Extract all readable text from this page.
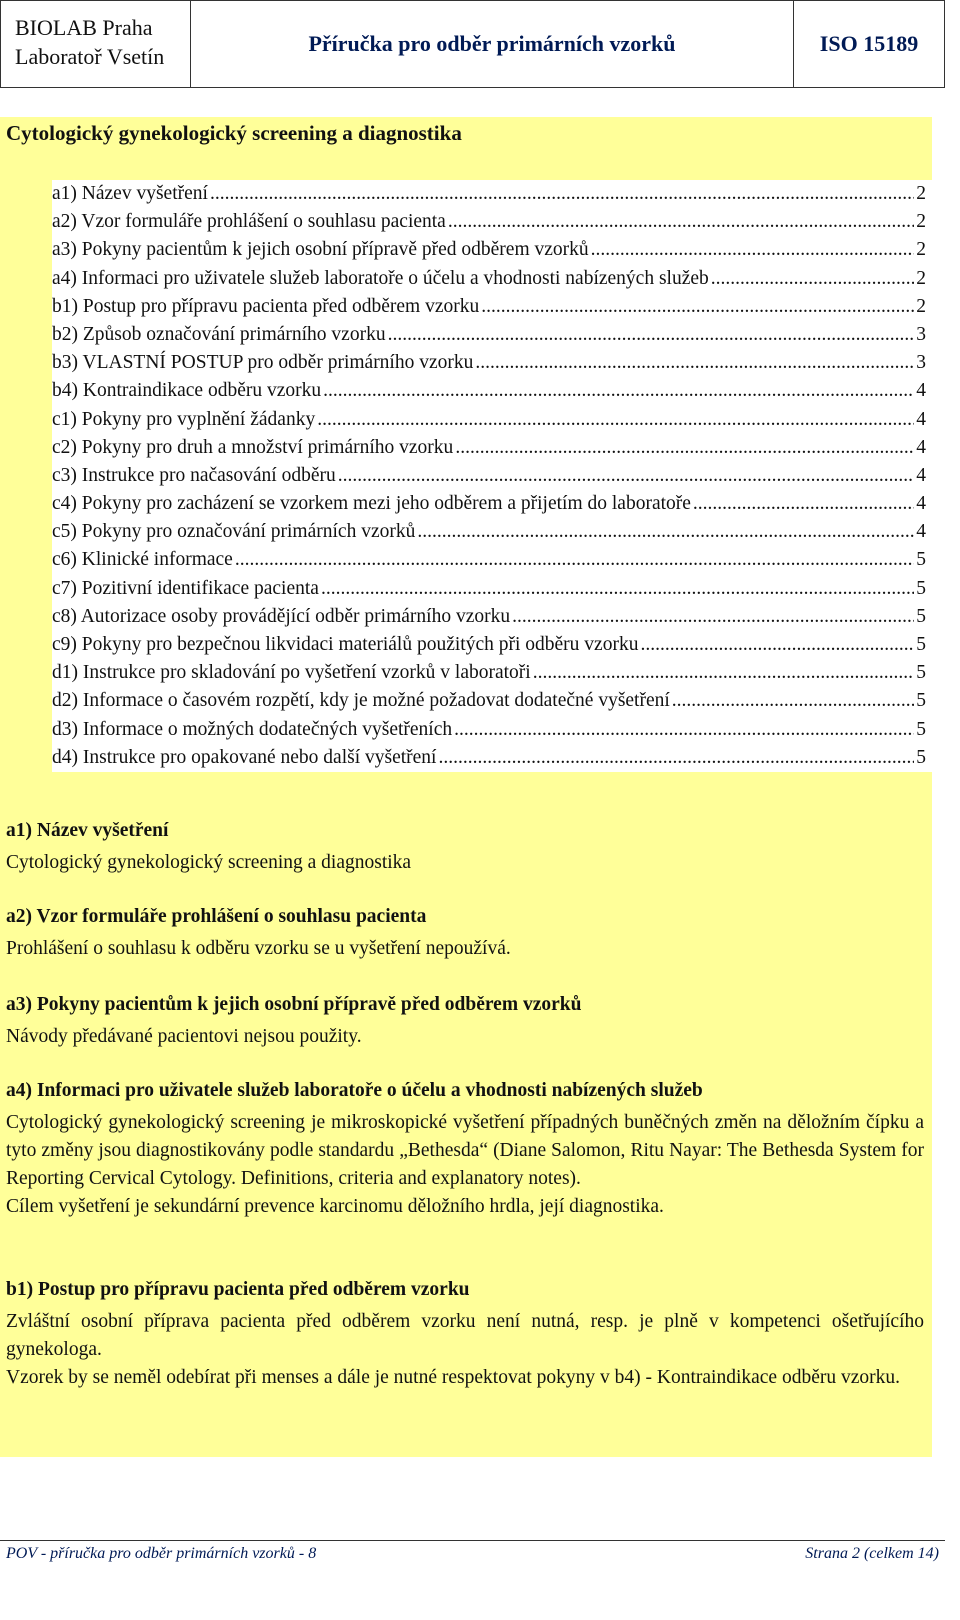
BIOLAB Praha
Laboratoř Vsetín
Příručka pro odběr primárních vzorků	ISO 15189
Cytologický gynekologický screening a diagnostika
a1) Název vyšetření .....	2
a2) Vzor formuláře prohlášení o souhlasu pacienta .....	2
a3) Pokyny pacientům k jejich osobní přípravě před odběrem vzorků .....	2
a4) Informaci pro uživatele služeb laboratoře o účelu a vhodnosti nabízených služeb .....	2
b1) Postup pro přípravu pacienta před odběrem vzorku .....	2
b2) Způsob označování primárního vzorku .....	3
b3) VLASTNÍ POSTUP pro odběr primárního vzorku .....	3
b4) Kontraindikace odběru vzorku .....	4
c1) Pokyny pro vyplnění žádanky .....	4
c2) Pokyny pro druh a množství primárního vzorku .....	4
c3) Instrukce pro načasování odběru .....	4
c4) Pokyny pro zacházení se vzorkem mezi jeho odběrem a přijetím do laboratoře .....	4
c5) Pokyny pro označování primárních vzorků .....	4
c6) Klinické informace .....	5
c7) Pozitivní identifikace pacienta .....	5
c8) Autorizace osoby provádějící odběr primárního vzorku .....	5
c9) Pokyny pro bezpečnou likvidaci materiálů použitých při odběru vzorku .....	5
d1) Instrukce pro skladování po vyšetření vzorků v laboratoři .....	5
d2) Informace o časovém rozpětí, kdy je možné požadovat dodatečné vyšetření .....	5
d3) Informace o možných dodatečných vyšetřeních .....	5
d4) Instrukce pro opakované nebo další vyšetření .....	5
a1) Název vyšetření

Cytologický gynekologický screening a diagnostika

a2) Vzor formuláře prohlášení o souhlasu pacienta

Prohlášení o souhlasu k odběru vzorku se u vyšetření nepoužívá.

a3) Pokyny pacientům k jejich osobní přípravě před odběrem vzorků

Návody předávané pacientovi nejsou použity.

a4) Informaci pro uživatele služeb laboratoře o účelu a vhodnosti nabízených služeb

Cytologický gynekologický screening je mikroskopické vyšetření případných buněčných změn na děložním čípku a tyto změny jsou diagnostikovány podle standardu „Bethesda“ (Diane Salomon, Ritu Nayar: The Bethesda System for Reporting Cervical Cytology. Definitions, criteria and explanatory notes).

Cílem vyšetření je sekundární prevence karcinomu děložního hrdla, její diagnostika.

b1) Postup pro přípravu pacienta před odběrem vzorku

Zvláštní osobní příprava pacienta před odběrem vzorku není nutná, resp. je plně v kompetenci ošetřujícího gynekologa.

Vzorek by se neměl odebírat při menses a dále je nutné respektovat pokyny v b4) - Kontraindikace odběru vzorku.

POV - příručka pro odběr primárních vzorků - 8	Strana 2 (celkem 14)
